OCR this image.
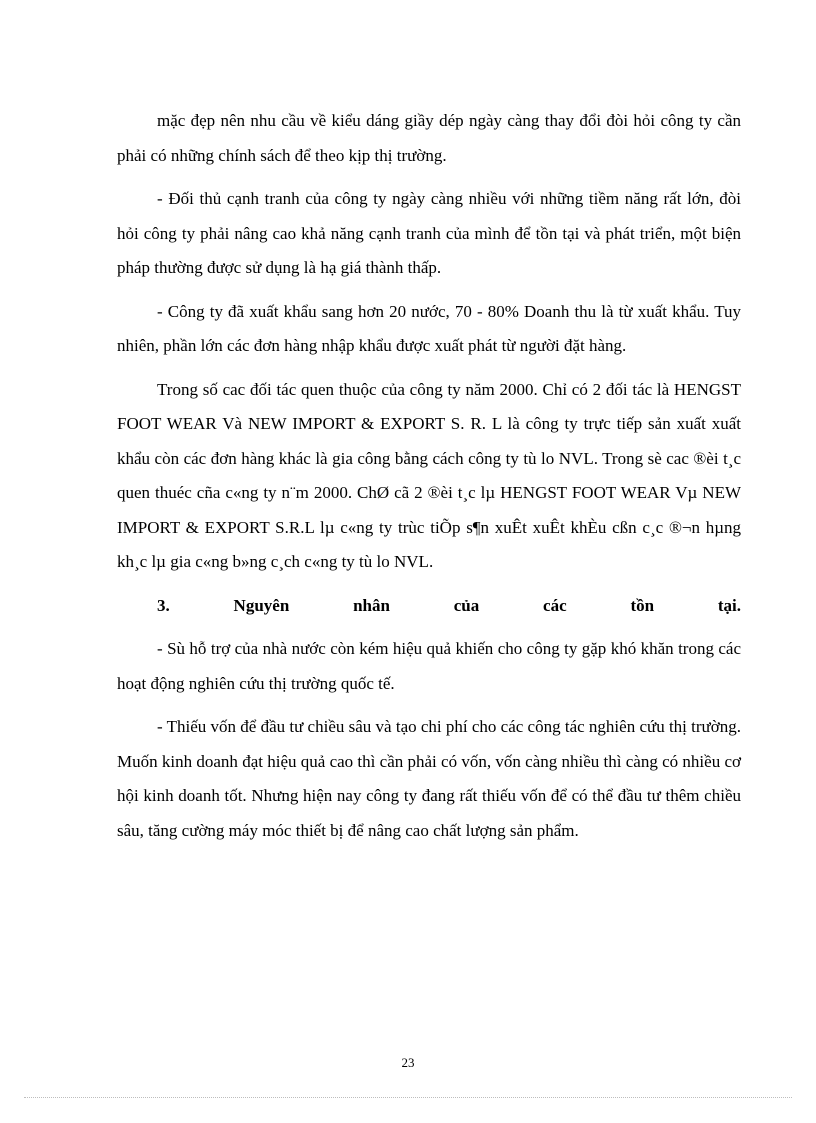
mặc đẹp nên nhu cầu về kiểu dáng giầy dép ngày càng thay đổi đòi hỏi công ty cần phải có những chính sách để theo kịp thị trường.

- Đối thủ cạnh tranh của công ty ngày càng nhiều với những tiềm năng rất lớn, đòi hỏi công ty phải nâng cao khả năng cạnh tranh của mình để tồn tại và phát triển, một biện pháp thường được sử dụng là hạ giá thành thấp.

- Công ty đã xuất khẩu sang hơn 20 nước, 70 - 80% Doanh thu là từ xuất khẩu. Tuy nhiên, phần lớn các đơn hàng nhập khẩu được xuất phát từ người đặt hàng.

Trong số cac đối tác quen thuộc của công ty năm 2000. Chỉ có 2 đối tác là HENGST FOOT WEAR Và NEW IMPORT & EXPORT S. R. L là công ty trực tiếp sản xuất xuất khẩu còn các đơn hàng khác là gia công bằng cách công ty tù lo NVL. Trong sè cac ®èi t¸c quen thuéc cña c«ng ty n¨m 2000. ChØ cã 2 ®èi t¸c lµ HENGST FOOT WEAR Vµ NEW IMPORT & EXPORT S.R.L lµ c«ng ty trùc tiÕp s¶n xuÊt xuÊt khÈu cßn c¸c ®¬n hµng kh¸c lµ gia c«ng b»ng c¸ch c«ng ty tù lo NVL.

3.	Nguyên	nhân	của	các	tồn	tại.

- Sù hỗ trợ của nhà nước còn kém hiệu quả khiến cho công ty gặp khó khăn trong các hoạt động nghiên cứu thị trường quốc tế.

- Thiếu vốn để đầu tư chiều sâu và tạo chi phí cho các công tác nghiên cứu thị trường. Muốn kinh doanh đạt hiệu quả cao thì cần phải có vốn, vốn càng nhiều thì càng có nhiều cơ hội kinh doanh tốt. Nhưng hiện nay công ty đang rất thiếu vốn để có thể đầu tư thêm chiều sâu, tăng cường máy móc thiết bị để nâng cao chất lượng sản phẩm.

23
